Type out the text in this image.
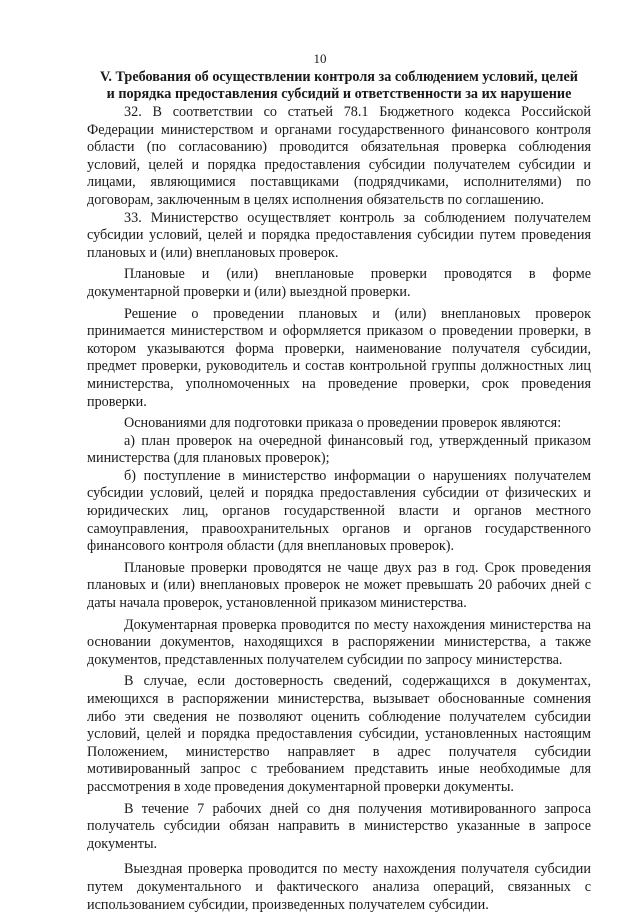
10
V. Требования об осуществлении контроля за соблюдением условий, целей
и порядка предоставления субсидий и ответственности за их нарушение

32. В соответствии со статьей 78.1 Бюджетного кодекса Российской Федерации министерством и органами государственного финансового контроля области (по согласованию) проводится обязательная проверка соблюдения условий, целей и порядка предоставления субсидии получателем субсидии и лицами, являющимися поставщиками (подрядчиками, исполнителями) по договорам, заключенным в целях исполнения обязательств по соглашению.

33. Министерство осуществляет контроль за соблюдением получателем субсидии условий, целей и порядка предоставления субсидии путем проведения плановых и (или) внеплановых проверок.

Плановые и (или) внеплановые проверки проводятся в форме документарной проверки и (или) выездной проверки.

Решение о проведении плановых и (или) внеплановых проверок принимается министерством и оформляется приказом о проведении проверки, в котором указываются форма проверки, наименование получателя субсидии, предмет проверки, руководитель и состав контрольной группы должностных лиц министерства, уполномоченных на проведение проверки, срок проведения проверки.

Основаниями для подготовки приказа о проведении проверок являются:

а) план проверок на очередной финансовый год, утвержденный приказом министерства (для плановых проверок);

б) поступление в министерство информации о нарушениях получателем субсидии условий, целей и порядка предоставления субсидии от физических и юридических лиц, органов государственной власти и органов местного самоуправления, правоохранительных органов и органов государственного финансового контроля области (для внеплановых проверок).

Плановые проверки проводятся не чаще двух раз в год. Срок проведения плановых и (или) внеплановых проверок не может превышать 20 рабочих дней с даты начала проверок, установленной приказом министерства.

Документарная проверка проводится по месту нахождения министерства на основании документов, находящихся в распоряжении министерства, а также документов, представленных получателем субсидии по запросу министерства.

В случае, если достоверность сведений, содержащихся в документах, имеющихся в распоряжении министерства, вызывает обоснованные сомнения либо эти сведения не позволяют оценить соблюдение получателем субсидии условий, целей и порядка предоставления субсидии, установленных настоящим Положением, министерство направляет в адрес получателя субсидии мотивированный запрос с требованием представить иные необходимые для рассмотрения в ходе проведения документарной проверки документы.

В течение 7 рабочих дней со дня получения мотивированного запроса получатель субсидии обязан направить в министерство указанные в запросе документы.

Выездная проверка проводится по месту нахождения получателя субсидии путем документального и фактического анализа операций, связанных с использованием субсидии, произведенных получателем субсидии.
